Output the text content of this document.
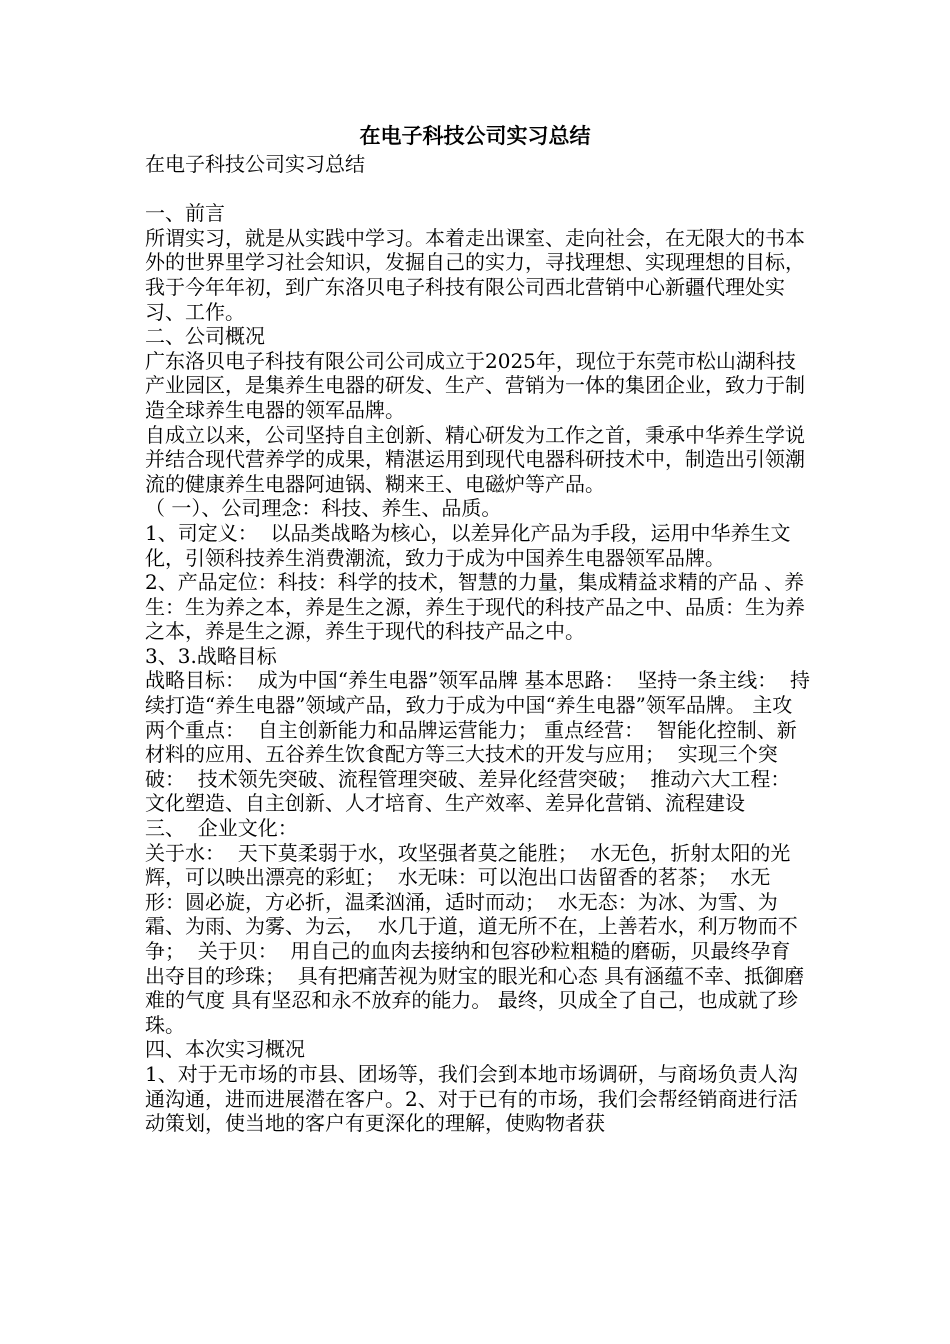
在电子科技公司实习总结

在电子科技公司实习总结

一、前言

所谓实习，就是从实践中学习。本着走出课室、走向社会，在无限大的书本外的世界里学习社会知识，发掘自己的实力，寻找理想、实现理想的目标，我于今年年初，到广东洛贝电子科技有限公司西北营销中心新疆代理处实习、工作。

二、公司概况

广东洛贝电子科技有限公司公司成立于2025年，现位于东莞市松山湖科技产业园区，是集养生电器的研发、生产、营销为一体的集团企业，致力于制造全球养生电器的领军品牌。

自成立以来，公司坚持自主创新、精心研发为工作之首，秉承中华养生学说并结合现代营养学的成果，精湛运用到现代电器科研技术中，制造出引领潮流的健康养生电器阿迪锅、糊来王、电磁炉等产品。

（ 一）、公司理念：科技、养生、品质。

1、司定义：  以品类战略为核心，以差异化产品为手段，运用中华养生文化，引领科技养生消费潮流，致力于成为中国养生电器领军品牌。

2、产品定位：科技：科学的技术，智慧的力量，集成精益求精的产品 、养生：生为养之本，养是生之源，养生于现代的科技产品之中、品质：生为养之本，养是生之源，养生于现代的科技产品之中。

3、3.战略目标

战略目标：  成为中国“养生电器”领军品牌 基本思路：  坚持一条主线：  持续打造“养生电器”领域产品，致力于成为中国“养生电器”领军品牌。 主攻两个重点：  自主创新能力和品牌运营能力； 重点经营：  智能化控制、新材料的应用、五谷养生饮食配方等三大技术的开发与应用；  实现三个突破：  技术领先突破、流程管理突破、差异化经营突破；  推动六大工程：  文化塑造、自主创新、人才培育、生产效率、差异化营销、流程建设

三、  企业文化：

关于水：  天下莫柔弱于水，攻坚强者莫之能胜；  水无色，折射太阳的光辉，可以映出漂亮的彩虹；  水无味：可以泡出口齿留香的茗茶；  水无形：圆必旋，方必折，温柔汹涌，适时而动；  水无态：为冰、为雪、为霜、为雨、为雾、为云，  水几于道，道无所不在，上善若水，利万物而不争；  关于贝：  用自己的血肉去接纳和包容砂粒粗糙的磨砺，贝最终孕育出夺目的珍珠；  具有把痛苦视为财宝的眼光和心态 具有涵蕴不幸、抵御磨难的气度 具有坚忍和永不放弃的能力。 最终，贝成全了自己，也成就了珍珠。

四、本次实习概况

1、对于无市场的市县、团场等，我们会到本地市场调研，与商场负责人沟通沟通，进而进展潜在客户。2、对于已有的市场，我们会帮经销商进行活动策划，使当地的客户有更深化的理解，使购物者获
